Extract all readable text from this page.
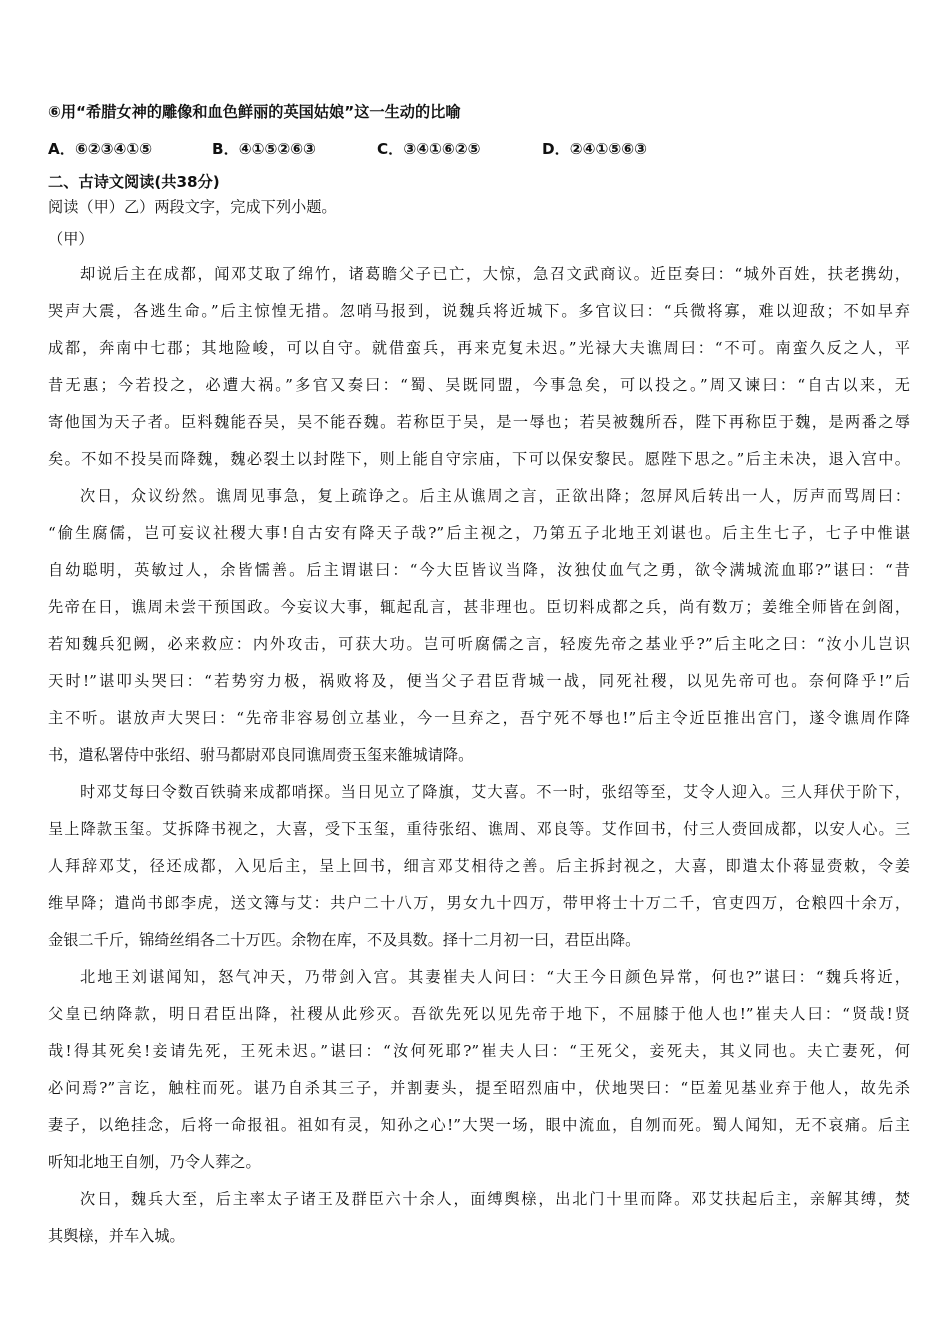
⑥用“希腊女神的雕像和血色鲜丽的英国姑娘”这一生动的比喻
A．⑥②③④①⑤	B．④①⑤②⑥③	C．③④①⑥②⑤	D．②④①⑤⑥③
二、古诗文阅读(共38分)
阅读（甲）乙）两段文字，完成下列小题。
（甲）
却说后主在成都，闻邓艾取了绵竹，诸葛瞻父子已亡，大惊，急召文武商议。近臣奏曰：“城外百姓，扶老携幼，
哭声大震，各逃生命。”后主惊惶无措。忽哨马报到，说魏兵将近城下。多官议曰：“兵微将寡，难以迎敌；不如早弃
成都，奔南中七郡；其地险峻，可以自守。就借蛮兵，再来克复未迟。”光禄大夫谯周曰：“不可。南蛮久反之人，平
昔无惠；今若投之，必遭大祸。”多官又奏曰：“蜀、吴既同盟，今事急矣，可以投之。”周又谏曰：“自古以来，无
寄他国为天子者。臣料魏能吞吴，吴不能吞魏。若称臣于吴，是一辱也；若吴被魏所吞，陛下再称臣于魏，是两番之辱
矣。不如不投吴而降魏，魏必裂土以封陛下，则上能自守宗庙，下可以保安黎民。愿陛下思之。”后主未决，退入宫中。
次日，众议纷然。谯周见事急，复上疏诤之。后主从谯周之言，正欲出降；忽屏风后转出一人，厉声而骂周曰：
“偷生腐儒，岂可妄议社稷大事!自古安有降天子哉?”后主视之，乃第五子北地王刘谌也。后主生七子，七子中惟谌
自幼聪明，英敏过人，余皆懦善。后主谓谌曰：“今大臣皆议当降，汝独仗血气之勇，欲令满城流血耶?”谌曰：“昔
先帝在日，谯周未尝干预国政。今妄议大事，辄起乱言，甚非理也。臣切料成都之兵，尚有数万；姜维全师皆在剑阁，
若知魏兵犯阙，必来救应：内外攻击，可获大功。岂可听腐儒之言，轻废先帝之基业乎?”后主叱之曰：“汝小儿岂识
天时!”谌叩头哭曰：“若势穷力极，祸败将及，便当父子君臣背城一战，同死社稷，以见先帝可也。奈何降乎!”后
主不听。谌放声大哭曰：“先帝非容易创立基业，今一旦弃之，吾宁死不辱也!”后主令近臣推出宫门，遂令谯周作降
书，遣私署侍中张绍、驸马都尉邓良同谯周赍玉玺来雒城请降。
时邓艾每曰令数百铁骑来成都哨探。当日见立了降旗，艾大喜。不一时，张绍等至，艾令人迎入。三人拜伏于阶下，
呈上降款玉玺。艾拆降书视之，大喜，受下玉玺，重待张绍、谯周、邓良等。艾作回书，付三人赍回成都，以安人心。三
人拜辞邓艾，径还成都，入见后主，呈上回书，细言邓艾相待之善。后主拆封视之，大喜，即遣太仆蒋显赍敕，令姜
维早降；遣尚书郎李虎，送文簿与艾：共户二十八万，男女九十四万，带甲将士十万二千，官吏四万，仓粮四十余万，
金银二千斤，锦绮丝绢各二十万匹。余物在库，不及具数。择十二月初一曰，君臣出降。
北地王刘谌闻知，怒气冲天，乃带剑入宫。其妻崔夫人问曰：“大王今日颜色异常，何也?”谌曰：“魏兵将近，
父皇已纳降款，明日君臣出降，社稷从此殄灭。吾欲先死以见先帝于地下，不屈膝于他人也!”崔夫人曰：“贤哉!贤
哉!得其死矣!妾请先死，王死未迟。”谌曰：“汝何死耶?”崔夫人曰：“王死父，妾死夫，其义同也。夫亡妻死，何
必问焉?”言讫，触柱而死。谌乃自杀其三子，并割妻头，提至昭烈庙中，伏地哭曰：“臣羞见基业弃于他人，故先杀
妻子，以绝挂念，后将一命报祖。祖如有灵，知孙之心!”大哭一场，眼中流血，自刎而死。蜀人闻知，无不哀痛。后主
听知北地王自刎，乃令人葬之。
次日，魏兵大至，后主率太子诸王及群臣六十余人，面缚舆榇，出北门十里而降。邓艾扶起后主，亲解其缚，焚
其舆榇，并车入城。
